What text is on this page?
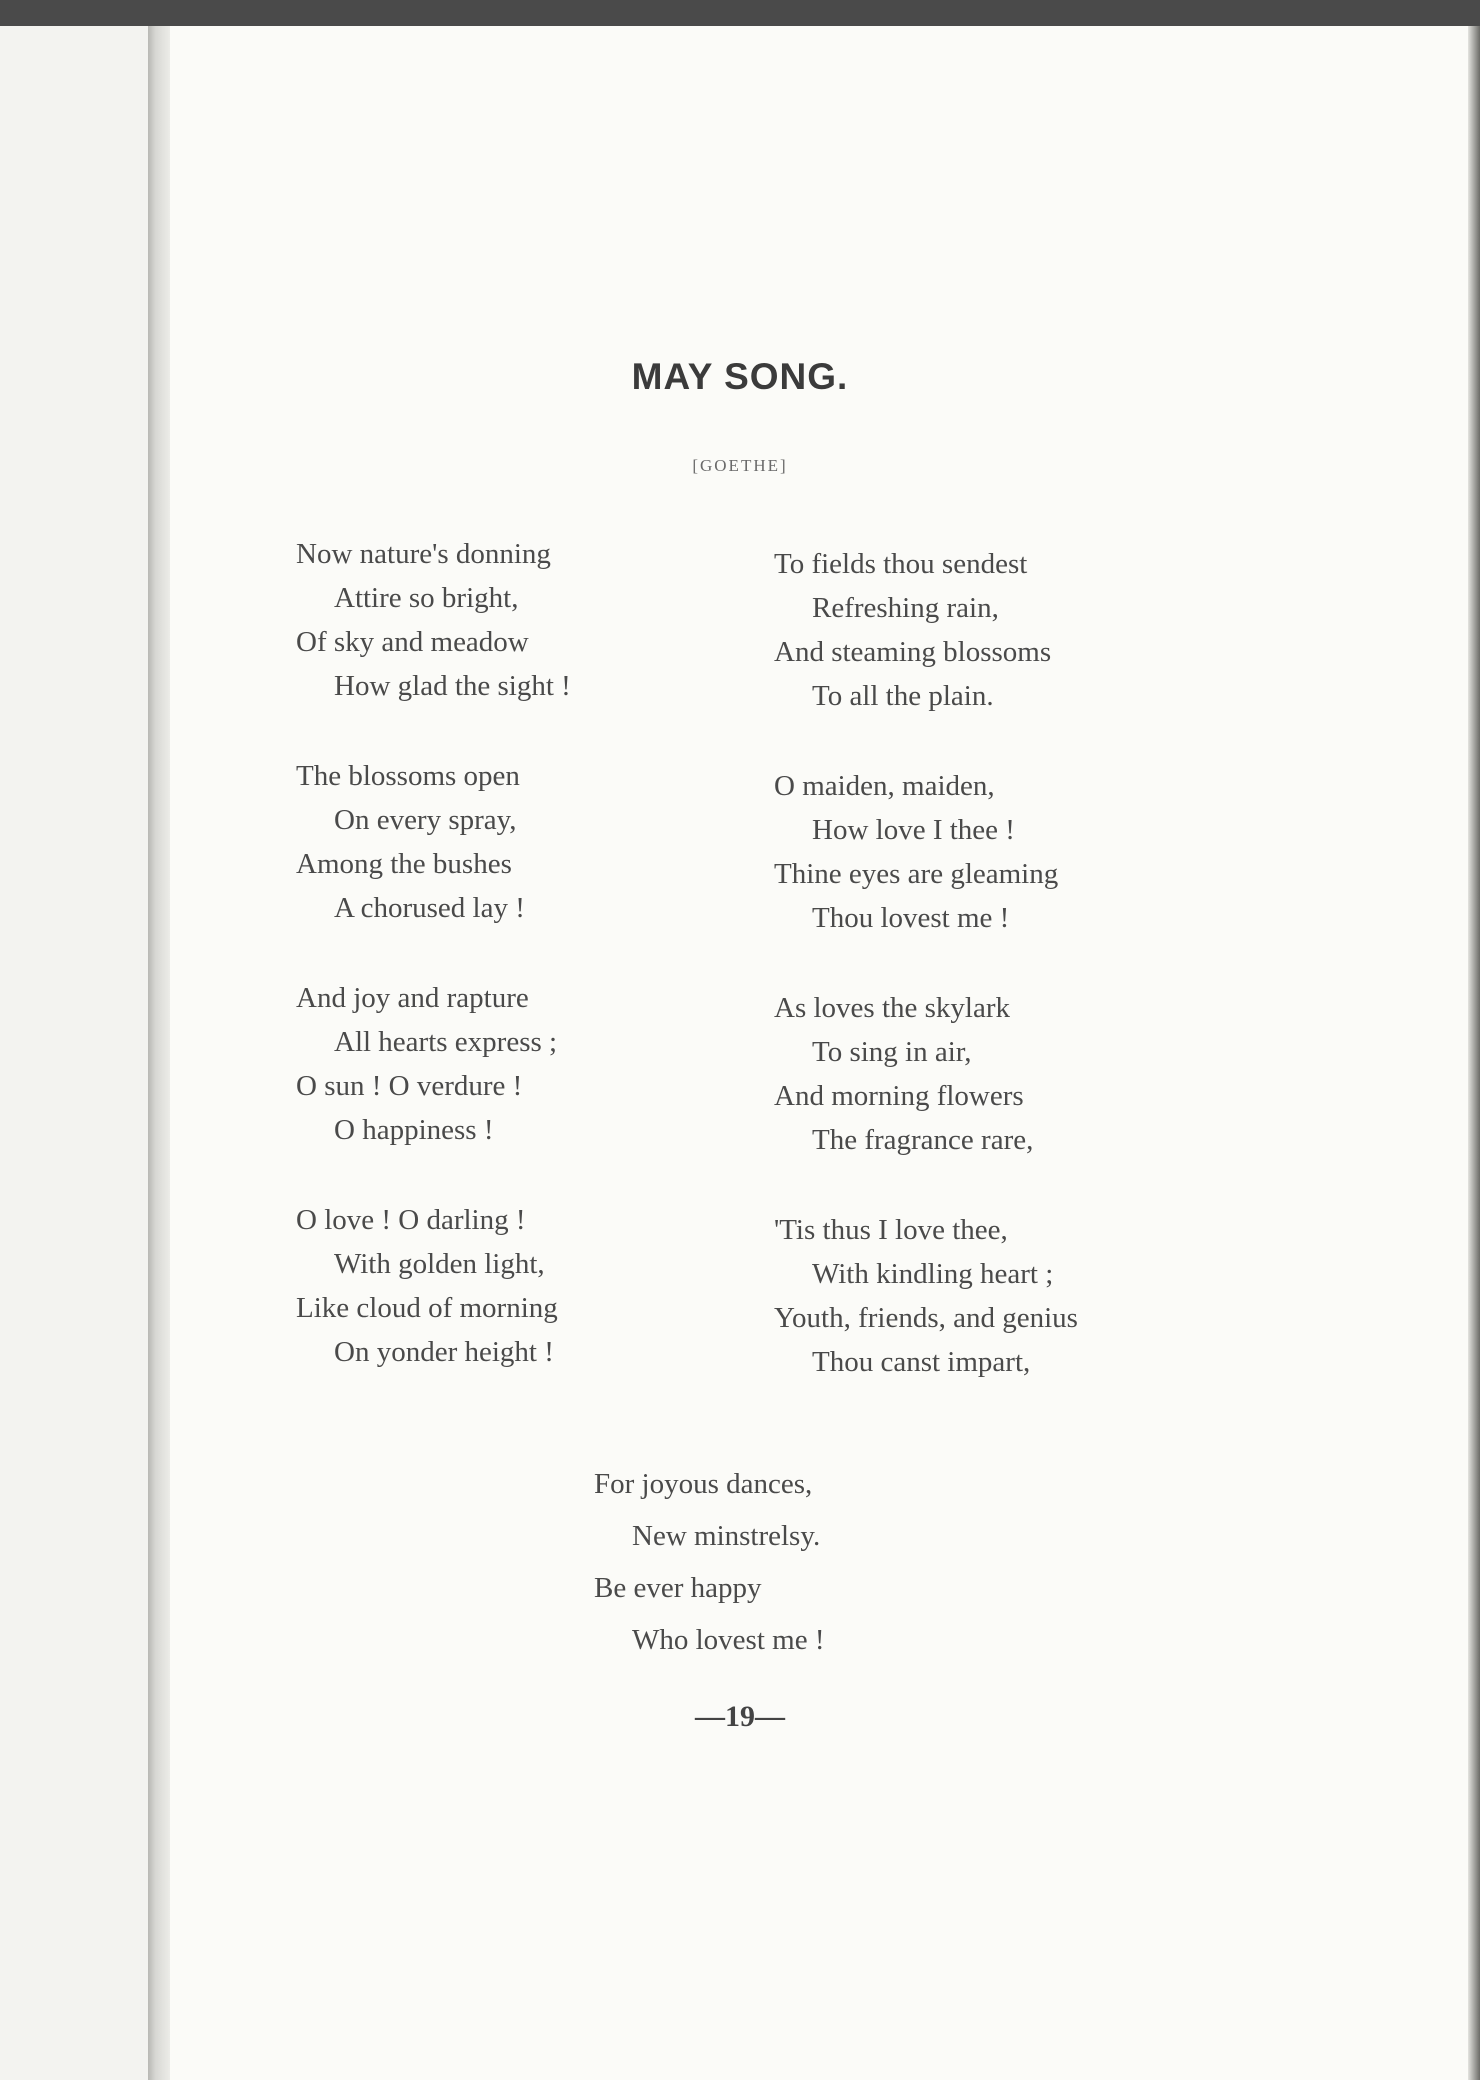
MAY SONG.
[GOETHE]
Now nature's donning
Attire so bright,
Of sky and meadow
How glad the sight !
The blossoms open
On every spray,
Among the bushes
A chorused lay !
And joy and rapture
All hearts express ;
O sun ! O verdure !
O happiness !
O love ! O darling !
With golden light,
Like cloud of morning
On yonder height !
To fields thou sendest
Refreshing rain,
And steaming blossoms
To all the plain.
O maiden, maiden,
How love I thee !
Thine eyes are gleaming
Thou lovest me !
As loves the skylark
To sing in air,
And morning flowers
The fragrance rare,
'Tis thus I love thee,
With kindling heart ;
Youth, friends, and genius
Thou canst impart,
For joyous dances,
New minstrelsy.
Be ever happy
Who lovest me !
—19—
